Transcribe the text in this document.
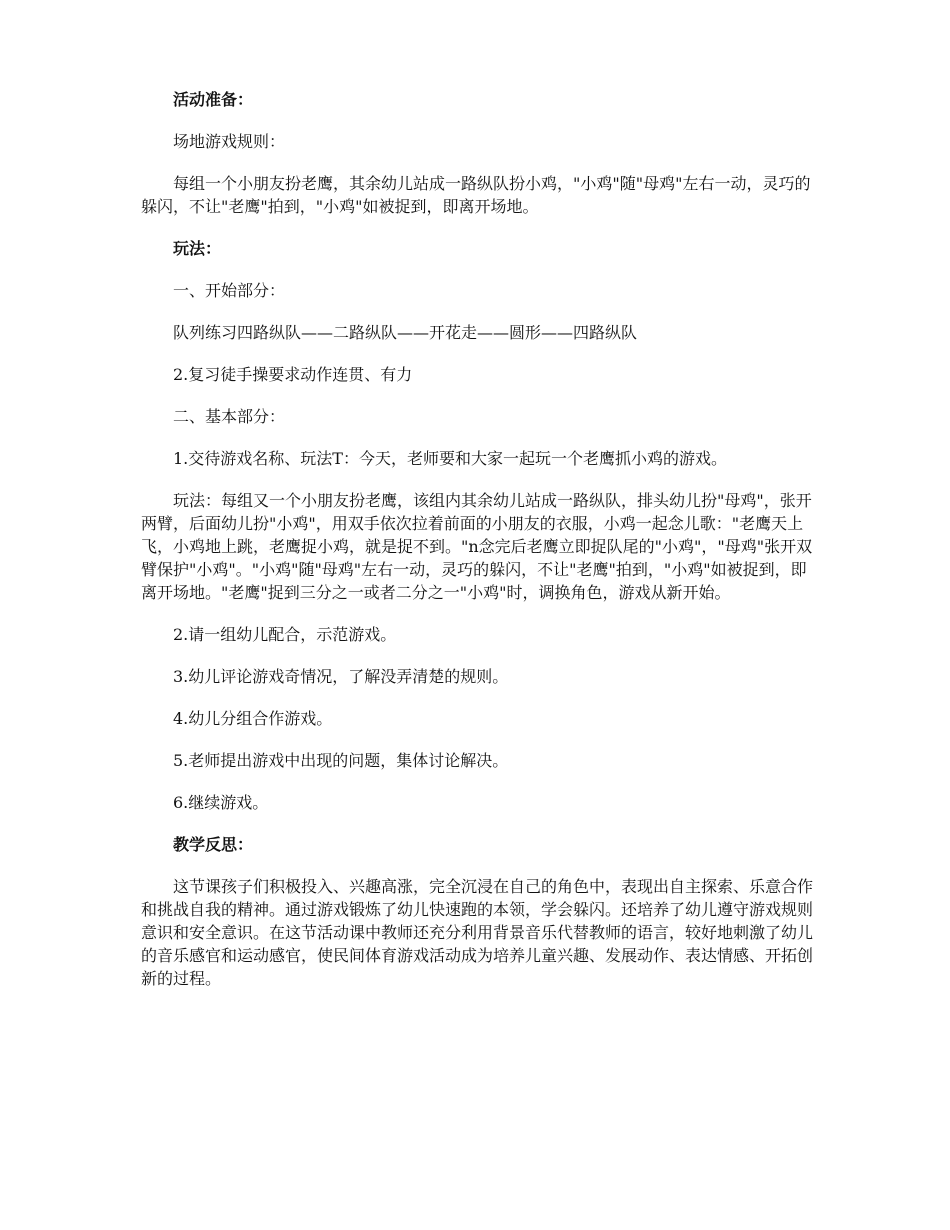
活动准备：

场地游戏规则：

每组一个小朋友扮老鹰，其余幼儿站成一路纵队扮小鸡，"小鸡"随"母鸡"左右一动，灵巧的躲闪，不让"老鹰"拍到，"小鸡"如被捉到，即离开场地。

玩法：

一、开始部分：

队列练习四路纵队——二路纵队——开花走——圆形——四路纵队

2.复习徒手操要求动作连贯、有力

二、基本部分：

1.交待游戏名称、玩法T：今天，老师要和大家一起玩一个老鹰抓小鸡的游戏。

玩法：每组又一个小朋友扮老鹰，该组内其余幼儿站成一路纵队，排头幼儿扮"母鸡"，张开两臂，后面幼儿扮"小鸡"，用双手依次拉着前面的小朋友的衣服，小鸡一起念儿歌："老鹰天上飞，小鸡地上跳，老鹰捉小鸡，就是捉不到。"n念完后老鹰立即捉队尾的"小鸡"，"母鸡"张开双臂保护"小鸡"。"小鸡"随"母鸡"左右一动，灵巧的躲闪，不让"老鹰"拍到，"小鸡"如被捉到，即离开场地。"老鹰"捉到三分之一或者二分之一"小鸡"时，调换角色，游戏从新开始。

2.请一组幼儿配合，示范游戏。

3.幼儿评论游戏奇情况，了解没弄清楚的规则。

4.幼儿分组合作游戏。

5.老师提出游戏中出现的问题，集体讨论解决。

6.继续游戏。

教学反思：

这节课孩子们积极投入、兴趣高涨，完全沉浸在自己的角色中，表现出自主探索、乐意合作和挑战自我的精神。通过游戏锻炼了幼儿快速跑的本领，学会躲闪。还培养了幼儿遵守游戏规则意识和安全意识。在这节活动课中教师还充分利用背景音乐代替教师的语言，较好地刺激了幼儿的音乐感官和运动感官，使民间体育游戏活动成为培养儿童兴趣、发展动作、表达情感、开拓创新的过程。
